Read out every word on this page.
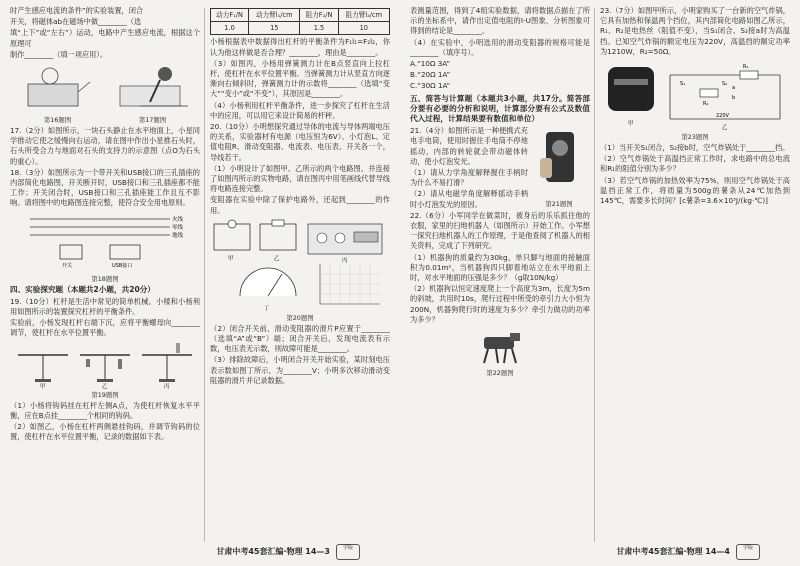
时产生感应电流的条件”的实验装置，闭合

开关，将磁体ab在磁场中做________（选

填“上下”或“左右”）运动，电路中产生感应电流，根据这个原理可

制作________（填一项应用）。

第16题图	第17题图

17.（2分）如图所示，一块石头静止在水平地面上，小星同学推动它使之缓慢向右运动，请在图中作出小星推石头时，石头所受合力与地面对石头的支持力的示意图（点O为石头的重心）。

18.（3分）如图所示为一个带开关和USB接口的三孔插座的内部简化电路图，开关断开时，USB接口和三孔插座都不能工作；开关闭合时，USB接口和三孔插座能工作且互不影响。请将图中的电路图连接完整，使符合安全用电原则。

火线
零线
地线
开关	USB接口
第18题图
四、实验探究题（本题共2小题，共20分）

19.（10分）杠杆是生活中常见的简单机械。小楼和小杨利用如图所示的装置探究杠杆的平衡条件。

实验前，小杨发现杠杆右端下沉，应将平衡螺母向________调节，使杠杆在水平位置平衡。

甲	乙	丙
第19题图

（1）小杨将钩码挂在杠杆左侧A点，为使杠杆恢复水平平衡，应在B点挂________个相同的钩码。

（2）如图乙，小杨在杠杆两侧悬挂钩码，并调节钩码的位置，使杠杆在水平位置平衡，记录的数据如下表。

动力F₁/N	动力臂l₁/cm	阻力F₂/N	阻力臂l₂/cm
1.0	15	1.5	10

小杨根据表中数据得出杠杆的平衡条件为F₁l₁=F₂l₂，你认为他这样做是否合理？________，理由是________。

（3）如图丙，小杨用弹簧测力计在B点竖直向上拉杠杆，使杠杆在水平位置平衡。当弹簧测力计从竖直方向逐渐向右倾斜时，弹簧测力计的示数将________（选填“变大”“变小”或“不变”），其原因是________。

（4）小杨利用杠杆平衡条件，进一步探究了杠杆在生活中的应用，可以用它来设计简易的杆秤。

20.（10分）小明想探究通过导体的电流与导体两端电压的关系，实验器材有电源（电压恒为6V）、小灯泡L、定值电阻R、滑动变阻器、电流表、电压表、开关各一个，导线若干。

（1）小明设计了如图甲、乙所示的两个电路图，并连接了如图丙所示的实物电路，请在图丙中用笔画线代替导线将电路连接完整。

变阻器在实验中除了保护电路外，还起到________的作用。

甲	乙	丙
丁
第20题图

（2）闭合开关前，滑动变阻器的滑片P应置于________（选填“A”或“B”）端；闭合开关后，发现电流表有示数，电压表无示数，则故障可能是________。

（3）排除故障后，小明闭合开关开始实验，某时刻电压表示数如图丁所示，为________V；小明多次移动滑动变阻器的滑片并记录数据。

甘肃中考45套汇编·物理 14—3	学版

表测量范围，得到了4组实验数据，请将数据点描在了所示的坐标系中，请作出定值电阻的I-U图象，分析图象可得到的结论是________。

（4）在实验中，小明选用的滑动变阻器的规格可能是________（填序号）。

A.“10Ω 3A”

B.“20Ω 1A”

C.“30Ω 1A”

五、简答与计算题（本题共3小题，共17分。简答部分要有必要的分析和说明，计算部分要有公式及数值代入过程，计算结果要有数值和单位）

21.（4分）如图所示是一种便携式充电手电筒，使用时握住手电筒不停地摇动，内部的转轮就会带动磁体转动，使小灯泡发光。

（1）请从力学角度解释握住手柄时为什么不易打滑？

（2）请从电磁学角度解释摇动手柄时小灯泡发光的原因。	第21题图

22.（6分）小军同学在做菜时，被身后的乐乐抓住他的衣服，家里的扫地机器人（如图所示）开始工作。小军想一探究扫地机器人的工作原理，于是他查阅了机器人的相关资料，完成了下列研究。

（1）机器狗的质量约为30kg，单只脚与地面的接触面积为0.01m²，当机器狗四只脚着地站立在水平地面上时，对水平地面的压强是多少？（g取10N/kg）

（2）机器狗以恒定速度爬上一个高度为3m，长度为5m的斜坡，共用时10s，爬行过程中所受的牵引力大小恒为200N，机器狗爬行时的速度为多少？牵引力做功的功率为多少？

第22题图

23.（7分）如图甲所示，小明家购买了一台新的空气炸锅，它具有加热和保温两个挡位，其内部简化电路如图乙所示，R₁、R₂是电热丝（阻值不变），当S₁闭合、S₂接a时为高温挡。已知空气炸锅的额定电压为220V，高温挡的额定功率为1210W，R₂=50Ω。

S₁	S₂
R₁
R₂
220V
a
b
甲
乙
第23题图

（1）当开关S₁闭合，S₂接b时，空气炸锅处于________挡。

（2）空气炸锅处于高温挡正常工作时，求电路中的总电流和R₁的阻值分别为多少？

（3）若空气炸锅的加热效率为75%，则用空气炸锅处于高温挡正常工作，将质量为500g的薯条从24℃加热到145℃，需要多长时间？[c薯条=3.6×10³J/(kg·℃)]

甘肃中考45套汇编·物理 14—4	学版
